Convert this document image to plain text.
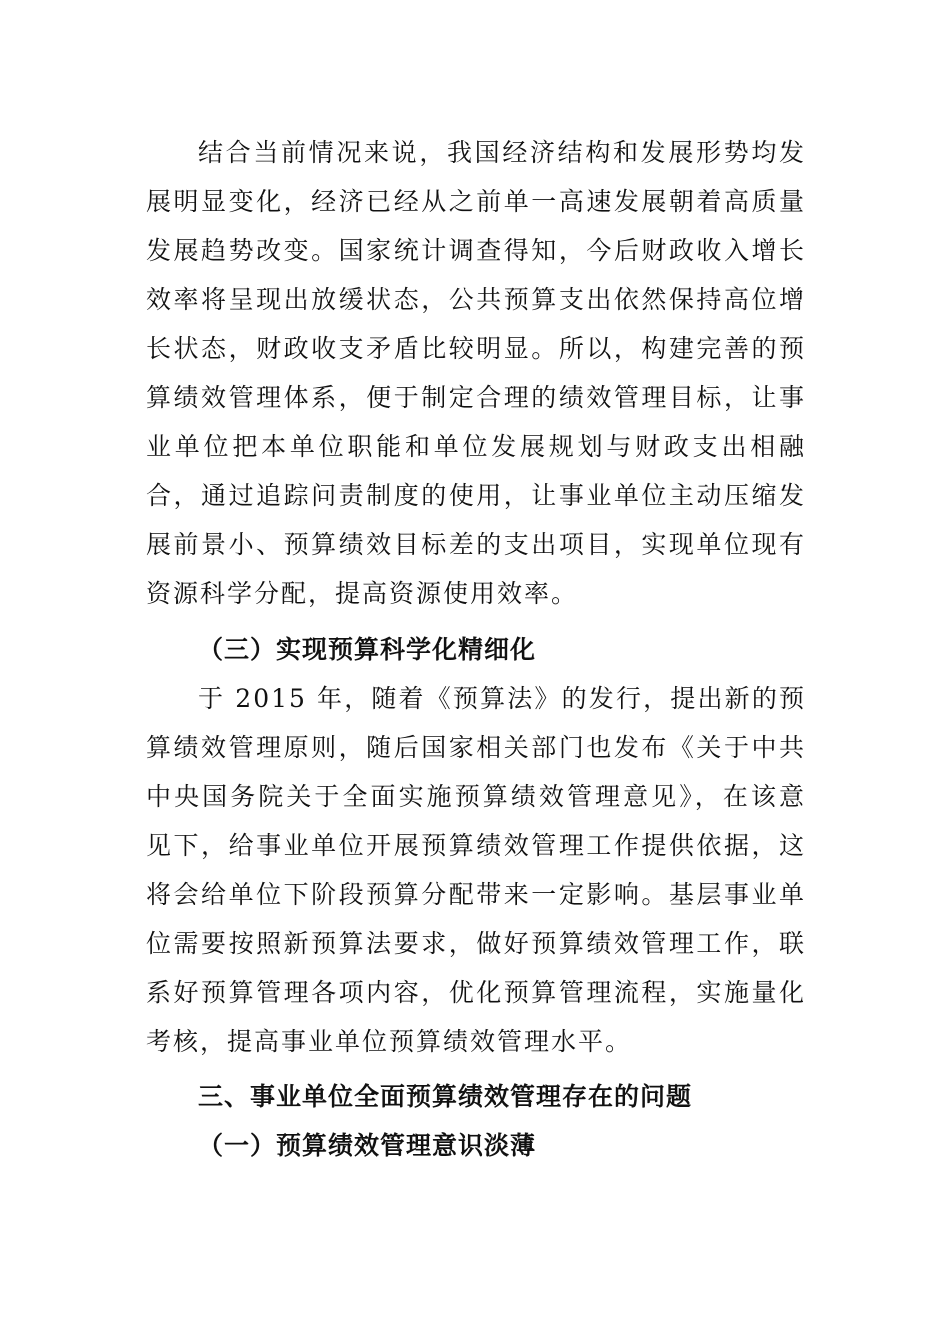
结合当前情况来说，我国经济结构和发展形势均发展明显变化，经济已经从之前单一高速发展朝着高质量发展趋势改变。国家统计调查得知，今后财政收入增长效率将呈现出放缓状态，公共预算支出依然保持高位增长状态，财政收支矛盾比较明显。所以，构建完善的预算绩效管理体系，便于制定合理的绩效管理目标，让事业单位把本单位职能和单位发展规划与财政支出相融合，通过追踪问责制度的使用，让事业单位主动压缩发展前景小、预算绩效目标差的支出项目，实现单位现有资源科学分配，提高资源使用效率。

（三）实现预算科学化精细化

于 2015 年，随着《预算法》的发行，提出新的预算绩效管理原则，随后国家相关部门也发布《关于中共中央国务院关于全面实施预算绩效管理意见》，在该意见下，给事业单位开展预算绩效管理工作提供依据，这将会给单位下阶段预算分配带来一定影响。基层事业单位需要按照新预算法要求，做好预算绩效管理工作，联系好预算管理各项内容，优化预算管理流程，实施量化考核，提高事业单位预算绩效管理水平。

三、事业单位全面预算绩效管理存在的问题
（一）预算绩效管理意识淡薄
